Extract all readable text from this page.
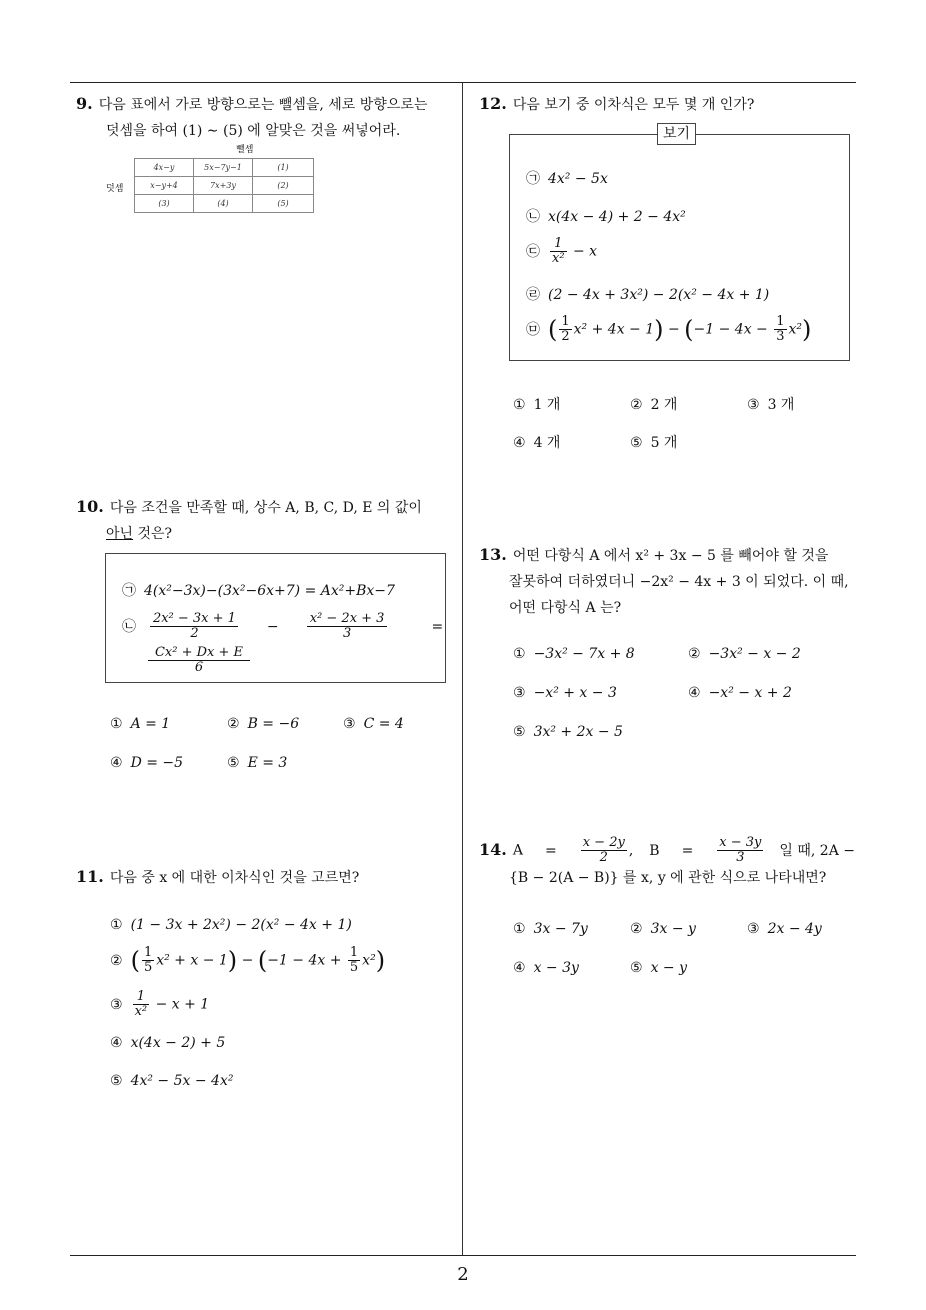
2
9. 다음 표에서 가로 방향으로는 뺄셈을, 세로 방향으로는
덧셈을 하여 (1) ∼ (5) 에 알맞은 것을 써넣어라.
뺄셈
덧셈
4x−y	5x−7y−1	(1)
x−y+4	7x+3y	(2)
(3)	(4)	(5)
10. 다음 조건을 만족할 때, 상수 A, B, C, D, E 의 값이
아닌 것은?
㉠ 4(x²−3x)−(3x²−6x+7) = Ax²+Bx−7
㉡ $\frac{\text{2x² − 3x + 1}}{2} - \frac{\text{x² − 2x + 3}}{3}$	=
$\frac{\text{Cx² + Dx + E}}{6}$
① A = 1	② B = −6	③ C = 4
④ D = −5	⑤ E = 3
11. 다음 중 x 에 대한 이차식인 것을 고르면?
① (1 − 3x + 2x²) − 2(x² − 4x + 1)
② ( $\frac{1}{5} x^2 + x - 1) - (-1 - 4x + \frac{1}{5} x^2)$
③ $\frac{1}{\text{x²}} - x + 1$
④ x(4x − 2) + 5
⑤ 4x² − 5x − 4x²
12. 다음 보기 중 이차식은 모두 몇 개 인가?
보기
㉠ 4x² − 5x
㉡ x(4x − 4) + 2 − 4x²
㉢ $\frac{1}{\text{x²}} - x$
㉣ (2 − 4x + 3x²) − 2(x² − 4x + 1)
㉤ ( $\frac{1}{2} x^2 + 4x - 1) - (-1 - 4x - \frac{1}{3} x^2)$
① 1 개	② 2 개	③ 3 개
④ 4 개	⑤ 5 개
13. 어떤 다항식 A 에서 x² + 3x − 5 를 빼어야 할 것을
잘못하여 더하였더니 −2x² − 4x + 3 이 되었다. 이 때,
어떤 다항식 A 는?
① −3x² − 7x + 8	② −3x² − x − 2
③ −x² + x − 3	④ −x² − x + 2
⑤ 3x² + 2x − 5
14. $A = \frac{x - 2y}{2}$ , $B = \frac{x - 3y}{3}$ 일 때, 2A −
{B − 2(A − B)} 를 x, y 에 관한 식으로 나타내면?
① 3x − 7y	② 3x − y	③ 2x − 4y
④ x − 3y	⑤ x − y
